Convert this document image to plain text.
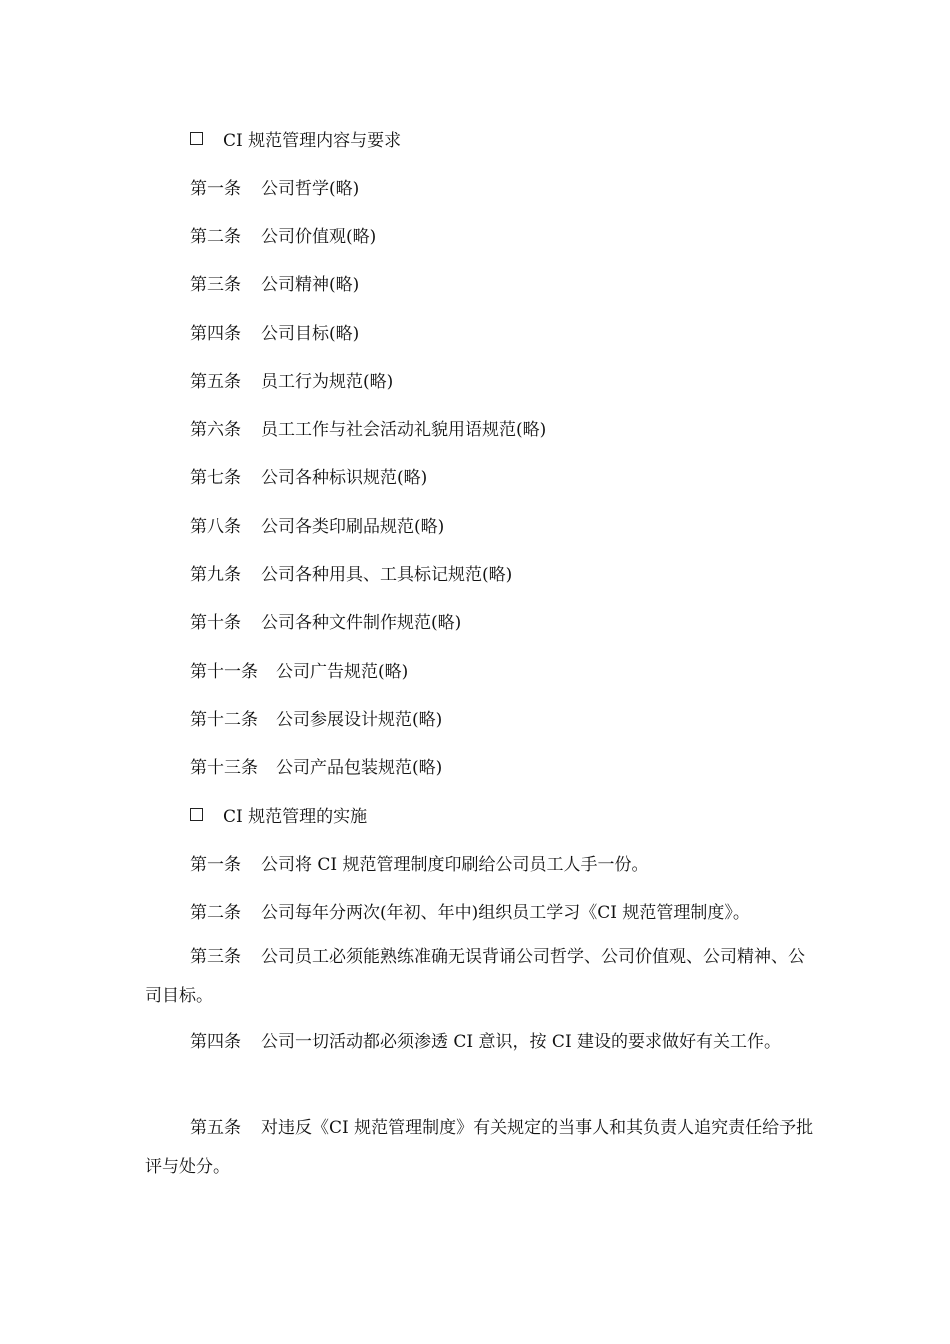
CI 规范管理内容与要求
第一条 公司哲学(略)
第二条 公司价值观(略)
第三条 公司精神(略)
第四条 公司目标(略)
第五条 员工行为规范(略)
第六条 员工工作与社会活动礼貌用语规范(略)
第七条 公司各种标识规范(略)
第八条 公司各类印刷品规范(略)
第九条 公司各种用具、工具标记规范(略)
第十条 公司各种文件制作规范(略)
第十一条 公司广告规范(略)
第十二条 公司参展设计规范(略)
第十三条 公司产品包装规范(略)
CI 规范管理的实施
第一条 公司将 CI 规范管理制度印刷给公司员工人手一份。
第二条 公司每年分两次(年初、年中)组织员工学习《CI 规范管理制度》。
第三条 公司员工必须能熟练准确无误背诵公司哲学、公司价值观、公司精神、公司目标。
第四条 公司一切活动都必须渗透 CI 意识，按 CI 建设的要求做好有关工作。
第五条 对违反《CI 规范管理制度》有关规定的当事人和其负责人追究责任给予批评与处分。
